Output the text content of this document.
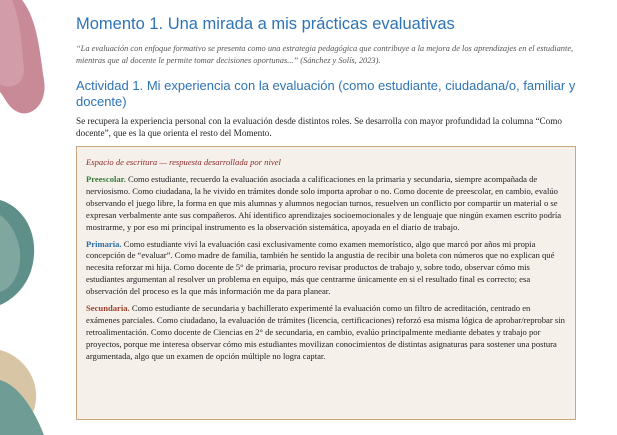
Momento 1. Una mirada a mis prácticas evaluativas

“La evaluación con enfoque formativo se presenta como una estrategia pedagógica que contribuye a la mejora de los aprendizajes en el estudiante, mientras que al docente le permite tomar decisiones oportunas...” (Sánchez y Solís, 2023).

Actividad 1. Mi experiencia con la evaluación (como estudiante, ciudadana/o, familiar y docente)

Se recupera la experiencia personal con la evaluación desde distintos roles. Se desarrolla con mayor profundidad la columna “Como docente”, que es la que orienta el resto del Momento.

Espacio de escritura — respuesta desarrollada por nivel

Preescolar. Como estudiante, recuerdo la evaluación asociada a calificaciones en la primaria y secundaria, siempre acompañada de nerviosismo. Como ciudadana, la he vivido en trámites donde solo importa aprobar o no. Como docente de preescolar, en cambio, evalúo observando el juego libre, la forma en que mis alumnas y alumnos negocian turnos, resuelven un conflicto por compartir un material o se expresan verbalmente ante sus compañeros. Ahí identifico aprendizajes socioemocionales y de lenguaje que ningún examen escrito podría mostrarme, y por eso mi principal instrumento es la observación sistemática, apoyada en el diario de trabajo.

Primaria. Como estudiante viví la evaluación casi exclusivamente como examen memorístico, algo que marcó por años mi propia concepción de “evaluar”. Como madre de familia, también he sentido la angustia de recibir una boleta con números que no explican qué necesita reforzar mi hija. Como docente de 5° de primaria, procuro revisar productos de trabajo y, sobre todo, observar cómo mis estudiantes argumentan al resolver un problema en equipo, más que centrarme únicamente en si el resultado final es correcto; esa observación del proceso es la que más información me da para planear.

Secundaria. Como estudiante de secundaria y bachillerato experimenté la evaluación como un filtro de acreditación, centrado en exámenes parciales. Como ciudadano, la evaluación de trámites (licencia, certificaciones) reforzó esa misma lógica de aprobar/reprobar sin retroalimentación. Como docente de Ciencias en 2° de secundaria, en cambio, evalúo principalmente mediante debates y trabajo por proyectos, porque me interesa observar cómo mis estudiantes movilizan conocimientos de distintas asignaturas para sostener una postura argumentada, algo que un examen de opción múltiple no logra captar.
